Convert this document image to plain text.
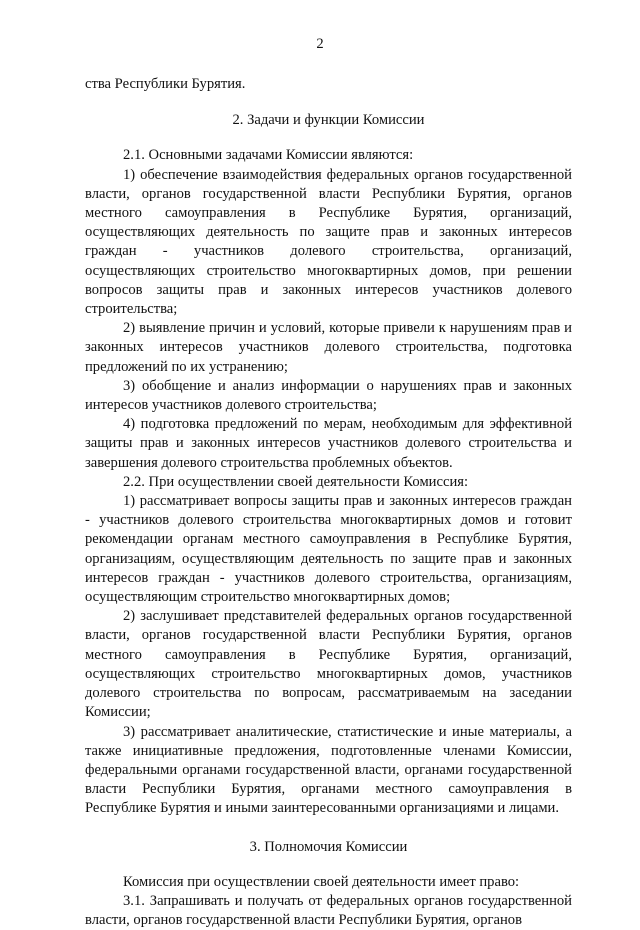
2

ства Республики Бурятия.

2. Задачи и функции Комиссии

2.1. Основными задачами Комиссии являются:

1) обеспечение взаимодействия федеральных органов государственной власти, органов государственной власти Республики Бурятия, органов местного самоуправления в Республике Бурятия, организаций, осуществляющих деятельность по защите прав и законных интересов граждан - участников долевого строительства, организаций, осуществляющих строительство многоквартирных домов, при решении вопросов защиты прав и законных интересов участников долевого строительства;

2) выявление причин и условий, которые привели к нарушениям прав и законных интересов участников долевого строительства, подготовка предложений по их устранению;

3) обобщение и анализ информации о нарушениях прав и законных интересов участников долевого строительства;

4) подготовка предложений по мерам, необходимым для эффективной защиты прав и законных интересов участников долевого строительства и завершения долевого строительства проблемных объектов.

2.2. При осуществлении своей деятельности Комиссия:

1) рассматривает вопросы защиты прав и законных интересов граждан - участников долевого строительства многоквартирных домов и готовит рекомендации органам местного самоуправления в Республике Бурятия, организациям, осуществляющим деятельность по защите прав и законных интересов граждан - участников долевого строительства, организациям, осуществляющим строительство многоквартирных домов;

2) заслушивает представителей федеральных органов государственной власти, органов государственной власти Республики Бурятия, органов местного самоуправления в Республике Бурятия, организаций, осуществляющих строительство многоквартирных домов, участников долевого строительства по вопросам, рассматриваемым на заседании Комиссии;

3) рассматривает аналитические, статистические и иные материалы, а также инициативные предложения, подготовленные членами Комиссии, федеральными органами государственной власти, органами государственной власти Республики Бурятия, органами местного самоуправления в Республике Бурятия и иными заинтересованными организациями и лицами.

3. Полномочия Комиссии

Комиссия при осуществлении своей деятельности имеет право:

3.1. Запрашивать и получать от федеральных органов государственной власти, органов государственной власти Республики Бурятия, органов
